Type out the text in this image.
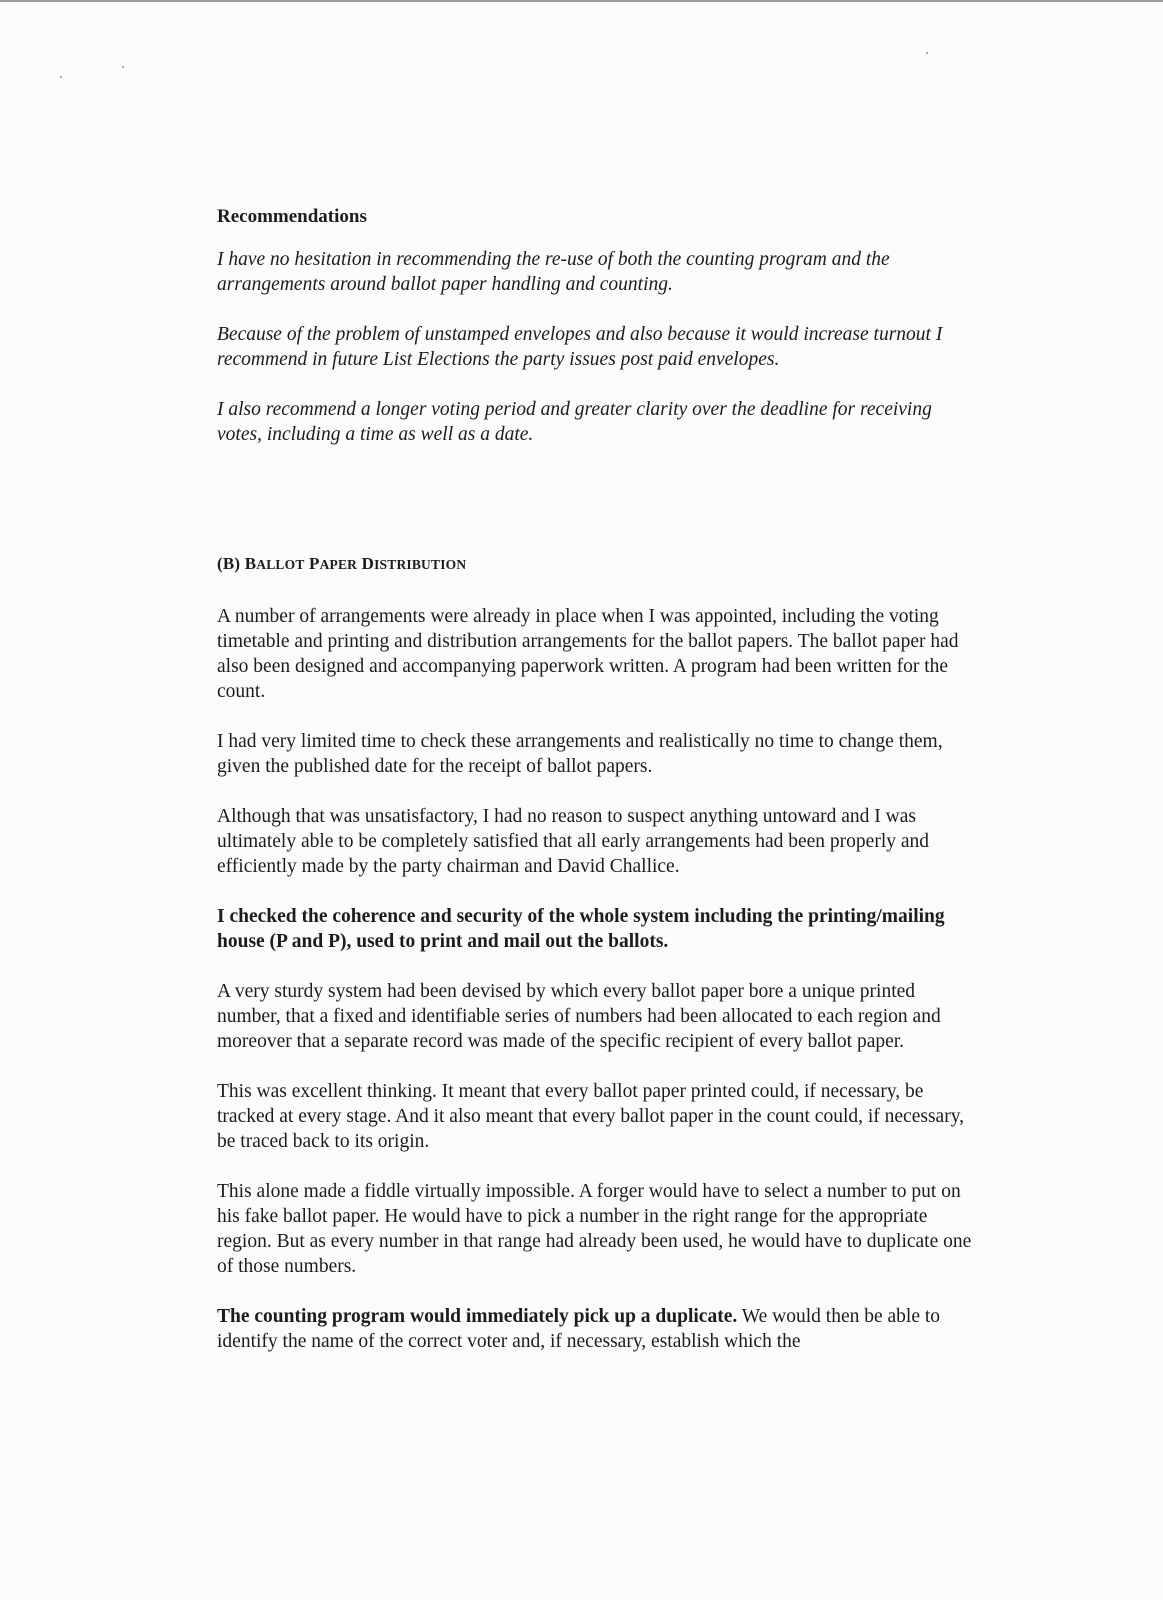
Recommendations

I have no hesitation in recommending the re-use of both the counting program and the arrangements around ballot paper handling and counting.

Because of the problem of unstamped envelopes and also because it would increase turnout I recommend in future List Elections the party issues post paid envelopes.

I also recommend a longer voting period and greater clarity over the deadline for receiving votes, including a time as well as a date.

(B) BALLOT PAPER DISTRIBUTION

A number of arrangements were already in place when I was appointed, including the voting timetable and printing and distribution arrangements for the ballot papers. The ballot paper had also been designed and accompanying paperwork written. A program had been written for the count.

I had very limited time to check these arrangements and realistically no time to change them, given the published date for the receipt of ballot papers.

Although that was unsatisfactory, I had no reason to suspect anything untoward and I was ultimately able to be completely satisfied that all early arrangements had been properly and efficiently made by the party chairman and David Challice.

I checked the coherence and security of the whole system including the printing/mailing house (P and P), used to print and mail out the ballots.

A very sturdy system had been devised by which every ballot paper bore a unique printed number, that a fixed and identifiable series of numbers had been allocated to each region and moreover that a separate record was made of the specific recipient of every ballot paper.

This was excellent thinking. It meant that every ballot paper printed could, if necessary, be tracked at every stage. And it also meant that every ballot paper in the count could, if necessary, be traced back to its origin.

This alone made a fiddle virtually impossible. A forger would have to select a number to put on his fake ballot paper. He would have to pick a number in the right range for the appropriate region. But as every number in that range had already been used, he would have to duplicate one of those numbers.

The counting program would immediately pick up a duplicate. We would then be able to identify the name of the correct voter and, if necessary, establish which the
